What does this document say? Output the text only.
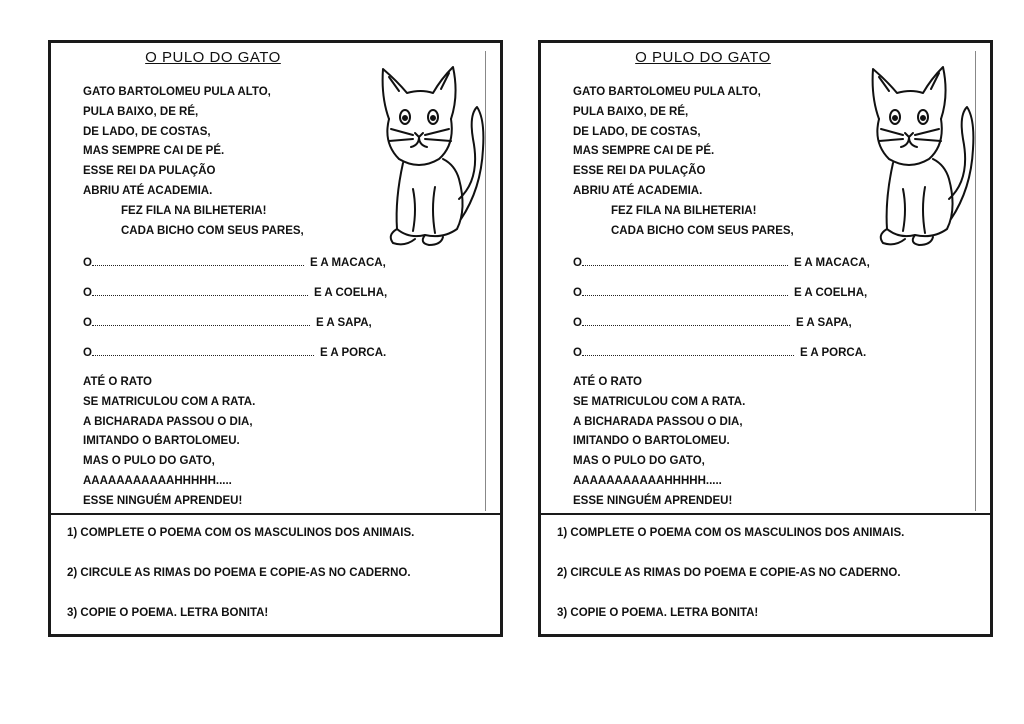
O PULO DO GATO
GATO BARTOLOMEU PULA ALTO,
PULA BAIXO, DE RÉ,
DE LADO, DE COSTAS,
MAS SEMPRE CAI DE PÉ.
ESSE REI DA PULAÇÃO
ABRIU ATÉ ACADEMIA.
FEZ FILA NA BILHETERIA!
CADA BICHO COM SEUS PARES,
O	E A MACACA,
O	E A COELHA,
O	E A SAPA,
O	E A PORCA.
ATÉ O RATO
SE MATRICULOU COM A RATA.
A BICHARADA PASSOU O DIA,
IMITANDO O BARTOLOMEU.
MAS O PULO DO GATO,
AAAAAAAAAAAHHHHH.....
ESSE NINGUÉM APRENDEU!
1) COMPLETE O POEMA COM OS MASCULINOS DOS ANIMAIS.
2) CIRCULE AS RIMAS DO POEMA E COPIE-AS NO CADERNO.
3) COPIE O POEMA. LETRA BONITA!
O PULO DO GATO
GATO BARTOLOMEU PULA ALTO,
PULA BAIXO, DE RÉ,
DE LADO, DE COSTAS,
MAS SEMPRE CAI DE PÉ.
ESSE REI DA PULAÇÃO
ABRIU ATÉ ACADEMIA.
FEZ FILA NA BILHETERIA!
CADA BICHO COM SEUS PARES,
O	E A MACACA,
O	E A COELHA,
O	E A SAPA,
O	E A PORCA.
ATÉ O RATO
SE MATRICULOU COM A RATA.
A BICHARADA PASSOU O DIA,
IMITANDO O BARTOLOMEU.
MAS O PULO DO GATO,
AAAAAAAAAAAHHHHH.....
ESSE NINGUÉM APRENDEU!
1) COMPLETE O POEMA COM OS MASCULINOS DOS ANIMAIS.
2) CIRCULE AS RIMAS DO POEMA E COPIE-AS NO CADERNO.
3) COPIE O POEMA. LETRA BONITA!
